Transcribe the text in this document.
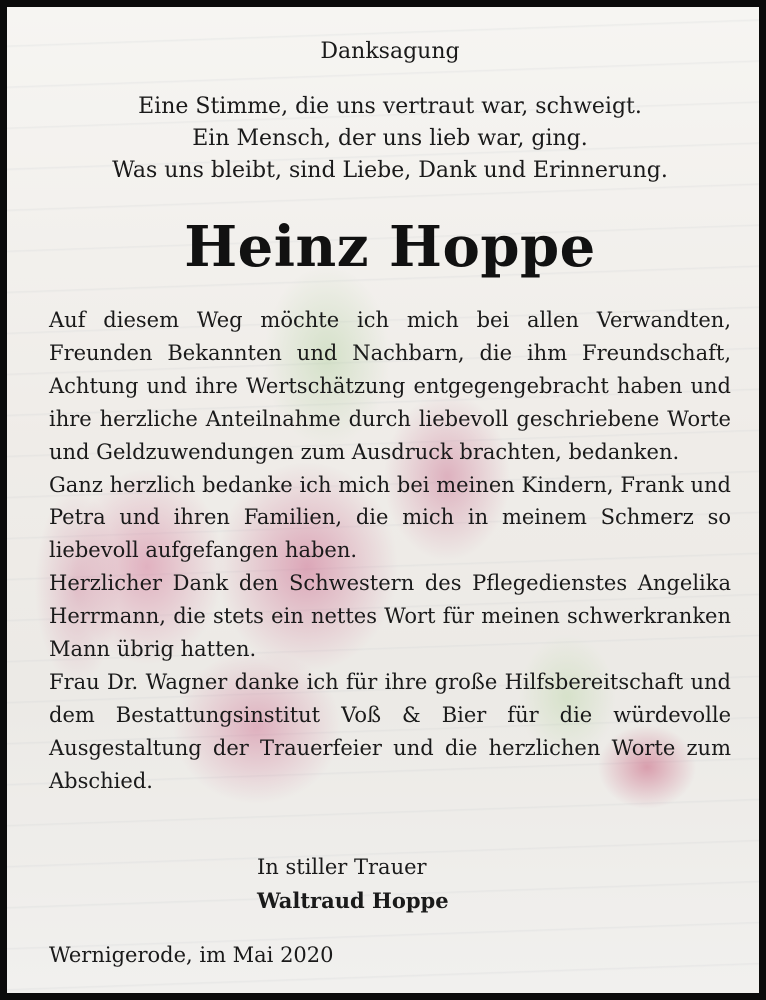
Danksagung
Eine Stimme, die uns vertraut war, schweigt.
Ein Mensch, der uns lieb war, ging.
Was uns bleibt, sind Liebe, Dank und Erinnerung.
Heinz Hoppe

Auf diesem Weg möchte ich mich bei allen Verwandten, Freunden Bekannten und Nachbarn, die ihm Freundschaft, Achtung und ihre Wertschätzung entgegengebracht haben und ihre herzliche Anteilnahme durch liebevoll geschriebene Worte und Geldzuwendungen zum Ausdruck brachten, bedanken.

Ganz herzlich bedanke ich mich bei meinen Kindern, Frank und Petra und ihren Familien, die mich in meinem Schmerz so liebevoll aufgefangen haben.

Herzlicher Dank den Schwestern des Pflegedienstes Angelika Herrmann, die stets ein nettes Wort für meinen schwerkranken Mann übrig hatten.

Frau Dr. Wagner danke ich für ihre große Hilfsbereitschaft und dem Bestattungsinstitut Voß & Bier für die würdevolle Ausgestaltung der Trauerfeier und die herzlichen Worte zum Abschied.

In stiller Trauer
Waltraud Hoppe
Wernigerode, im Mai 2020
